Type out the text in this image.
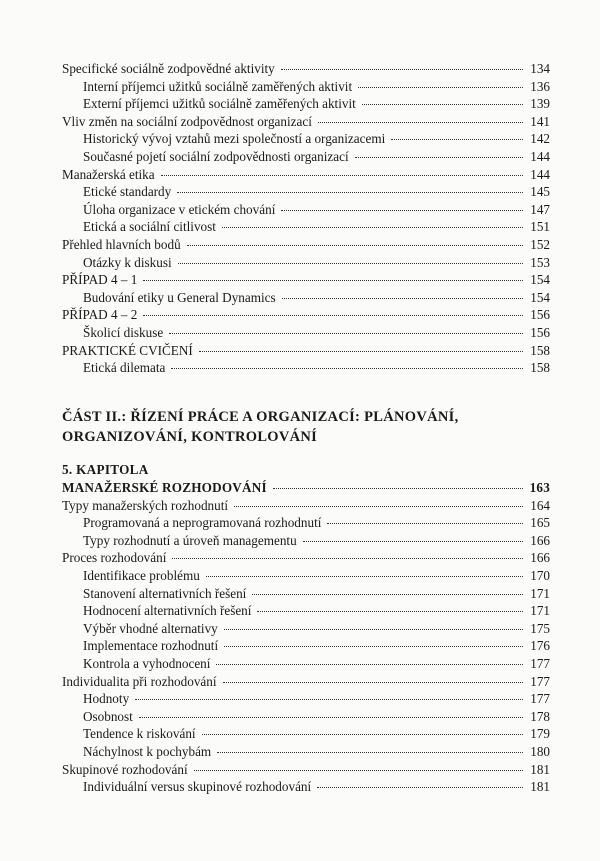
Specifické sociálně zodpovědné aktivity	134
Interní příjemci užitků sociálně zaměřených aktivit	136
Externí příjemci užitků sociálně zaměřených aktivit	139
Vliv změn na sociální zodpovědnost organizací	141
Historický vývoj vztahů mezi společností a organizacemi	142
Současné pojetí sociální zodpovědnosti organizací	144
Manažerská etika	144
Etické standardy	145
Úloha organizace v etickém chování	147
Etická a sociální citlivost	151
Přehled hlavních bodů	152
Otázky k diskusi	153
PŘÍPAD 4 – 1	154
Budování etiky u General Dynamics	154
PŘÍPAD 4 – 2	156
Školicí diskuse	156
PRAKTICKÉ CVIČENÍ	158
Etická dilemata	158
ČÁST II.: ŘÍZENÍ PRÁCE A ORGANIZACÍ: PLÁNOVÁNÍ, ORGANIZOVÁNÍ, KONTROLOVÁNÍ
5. KAPITOLA
MANAŽERSKÉ ROZHODOVÁNÍ	163
Typy manažerských rozhodnutí	164
Programovaná a neprogramovaná rozhodnutí	165
Typy rozhodnutí a úroveň managementu	166
Proces rozhodování	166
Identifikace problému	170
Stanovení alternativních řešení	171
Hodnocení alternativních řešení	171
Výběr vhodné alternativy	175
Implementace rozhodnutí	176
Kontrola a vyhodnocení	177
Individualita při rozhodování	177
Hodnoty	177
Osobnost	178
Tendence k riskování	179
Náchylnost k pochybám	180
Skupinové rozhodování	181
Individuální versus skupinové rozhodování	181
